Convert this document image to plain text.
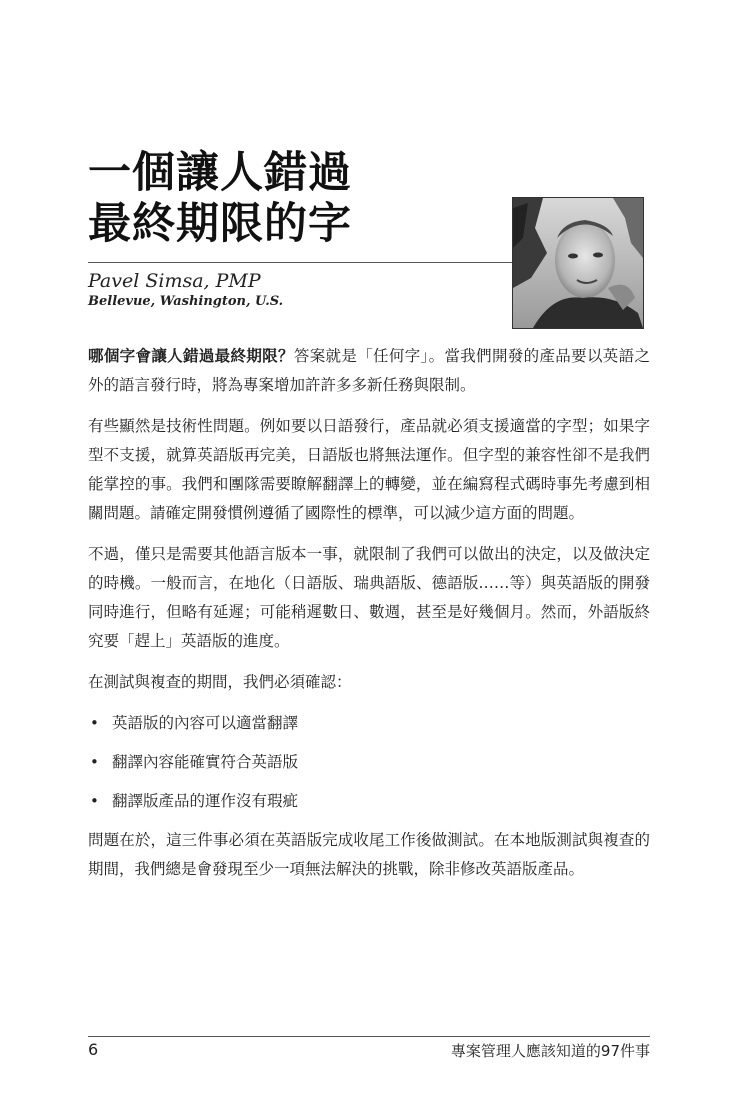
一個讓人錯過
最終期限的字
Pavel Simsa, PMP
Bellevue, Washington, U.S.

哪個字會讓人錯過最終期限？答案就是「任何字」。當我們開發的產品要以英語之外的語言發行時，將為專案增加許許多多新任務與限制。

有些顯然是技術性問題。例如要以日語發行，產品就必須支援適當的字型；如果字型不支援，就算英語版再完美，日語版也將無法運作。但字型的兼容性卻不是我們能掌控的事。我們和團隊需要瞭解翻譯上的轉變，並在編寫程式碼時事先考慮到相關問題。請確定開發慣例遵循了國際性的標準，可以減少這方面的問題。

不過，僅只是需要其他語言版本一事，就限制了我們可以做出的決定，以及做決定的時機。一般而言，在地化（日語版、瑞典語版、德語版……等）與英語版的開發同時進行，但略有延遲；可能稍遲數日、數週，甚至是好幾個月。然而，外語版終究要「趕上」英語版的進度。

在測試與複查的期間，我們必須確認：

• 英語版的內容可以適當翻譯
• 翻譯內容能確實符合英語版
• 翻譯版產品的運作沒有瑕疵

問題在於，這三件事必須在英語版完成收尾工作後做測試。在本地版測試與複查的期間，我們總是會發現至少一項無法解決的挑戰，除非修改英語版產品。

6	專案管理人應該知道的97件事
